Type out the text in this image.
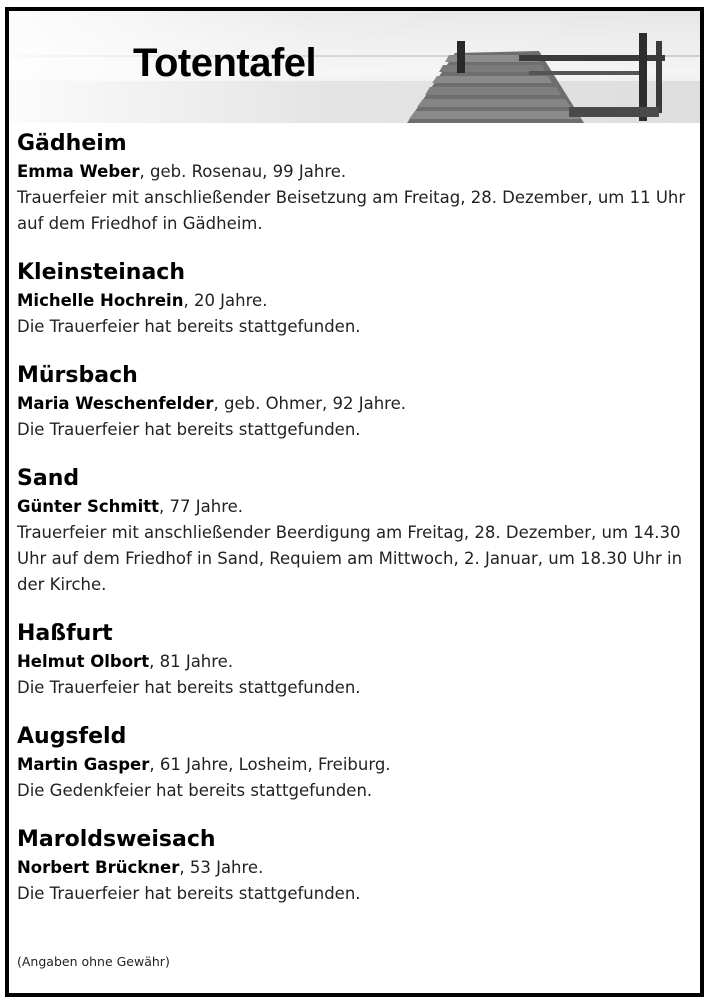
Totentafel
Gädheim
Emma Weber, geb. Rosenau, 99 Jahre.
Trauerfeier mit anschließender Beisetzung am Freitag, 28. Dezember, um 11 Uhr auf dem Friedhof in Gädheim.
Kleinsteinach
Michelle Hochrein, 20 Jahre.
Die Trauerfeier hat bereits stattgefunden.
Mürsbach
Maria Weschenfelder, geb. Ohmer, 92 Jahre.
Die Trauerfeier hat bereits stattgefunden.
Sand
Günter Schmitt, 77 Jahre.
Trauerfeier mit anschließender Beerdigung am Freitag, 28. Dezember, um 14.30 Uhr auf dem Friedhof in Sand, Requiem am Mittwoch, 2. Januar, um 18.30 Uhr in der Kirche.
Haßfurt
Helmut Olbort, 81 Jahre.
Die Trauerfeier hat bereits stattgefunden.
Augsfeld
Martin Gasper, 61 Jahre, Losheim, Freiburg.
Die Gedenkfeier hat bereits stattgefunden.
Maroldsweisach
Norbert Brückner, 53 Jahre.
Die Trauerfeier hat bereits stattgefunden.
(Angaben ohne Gewähr)
